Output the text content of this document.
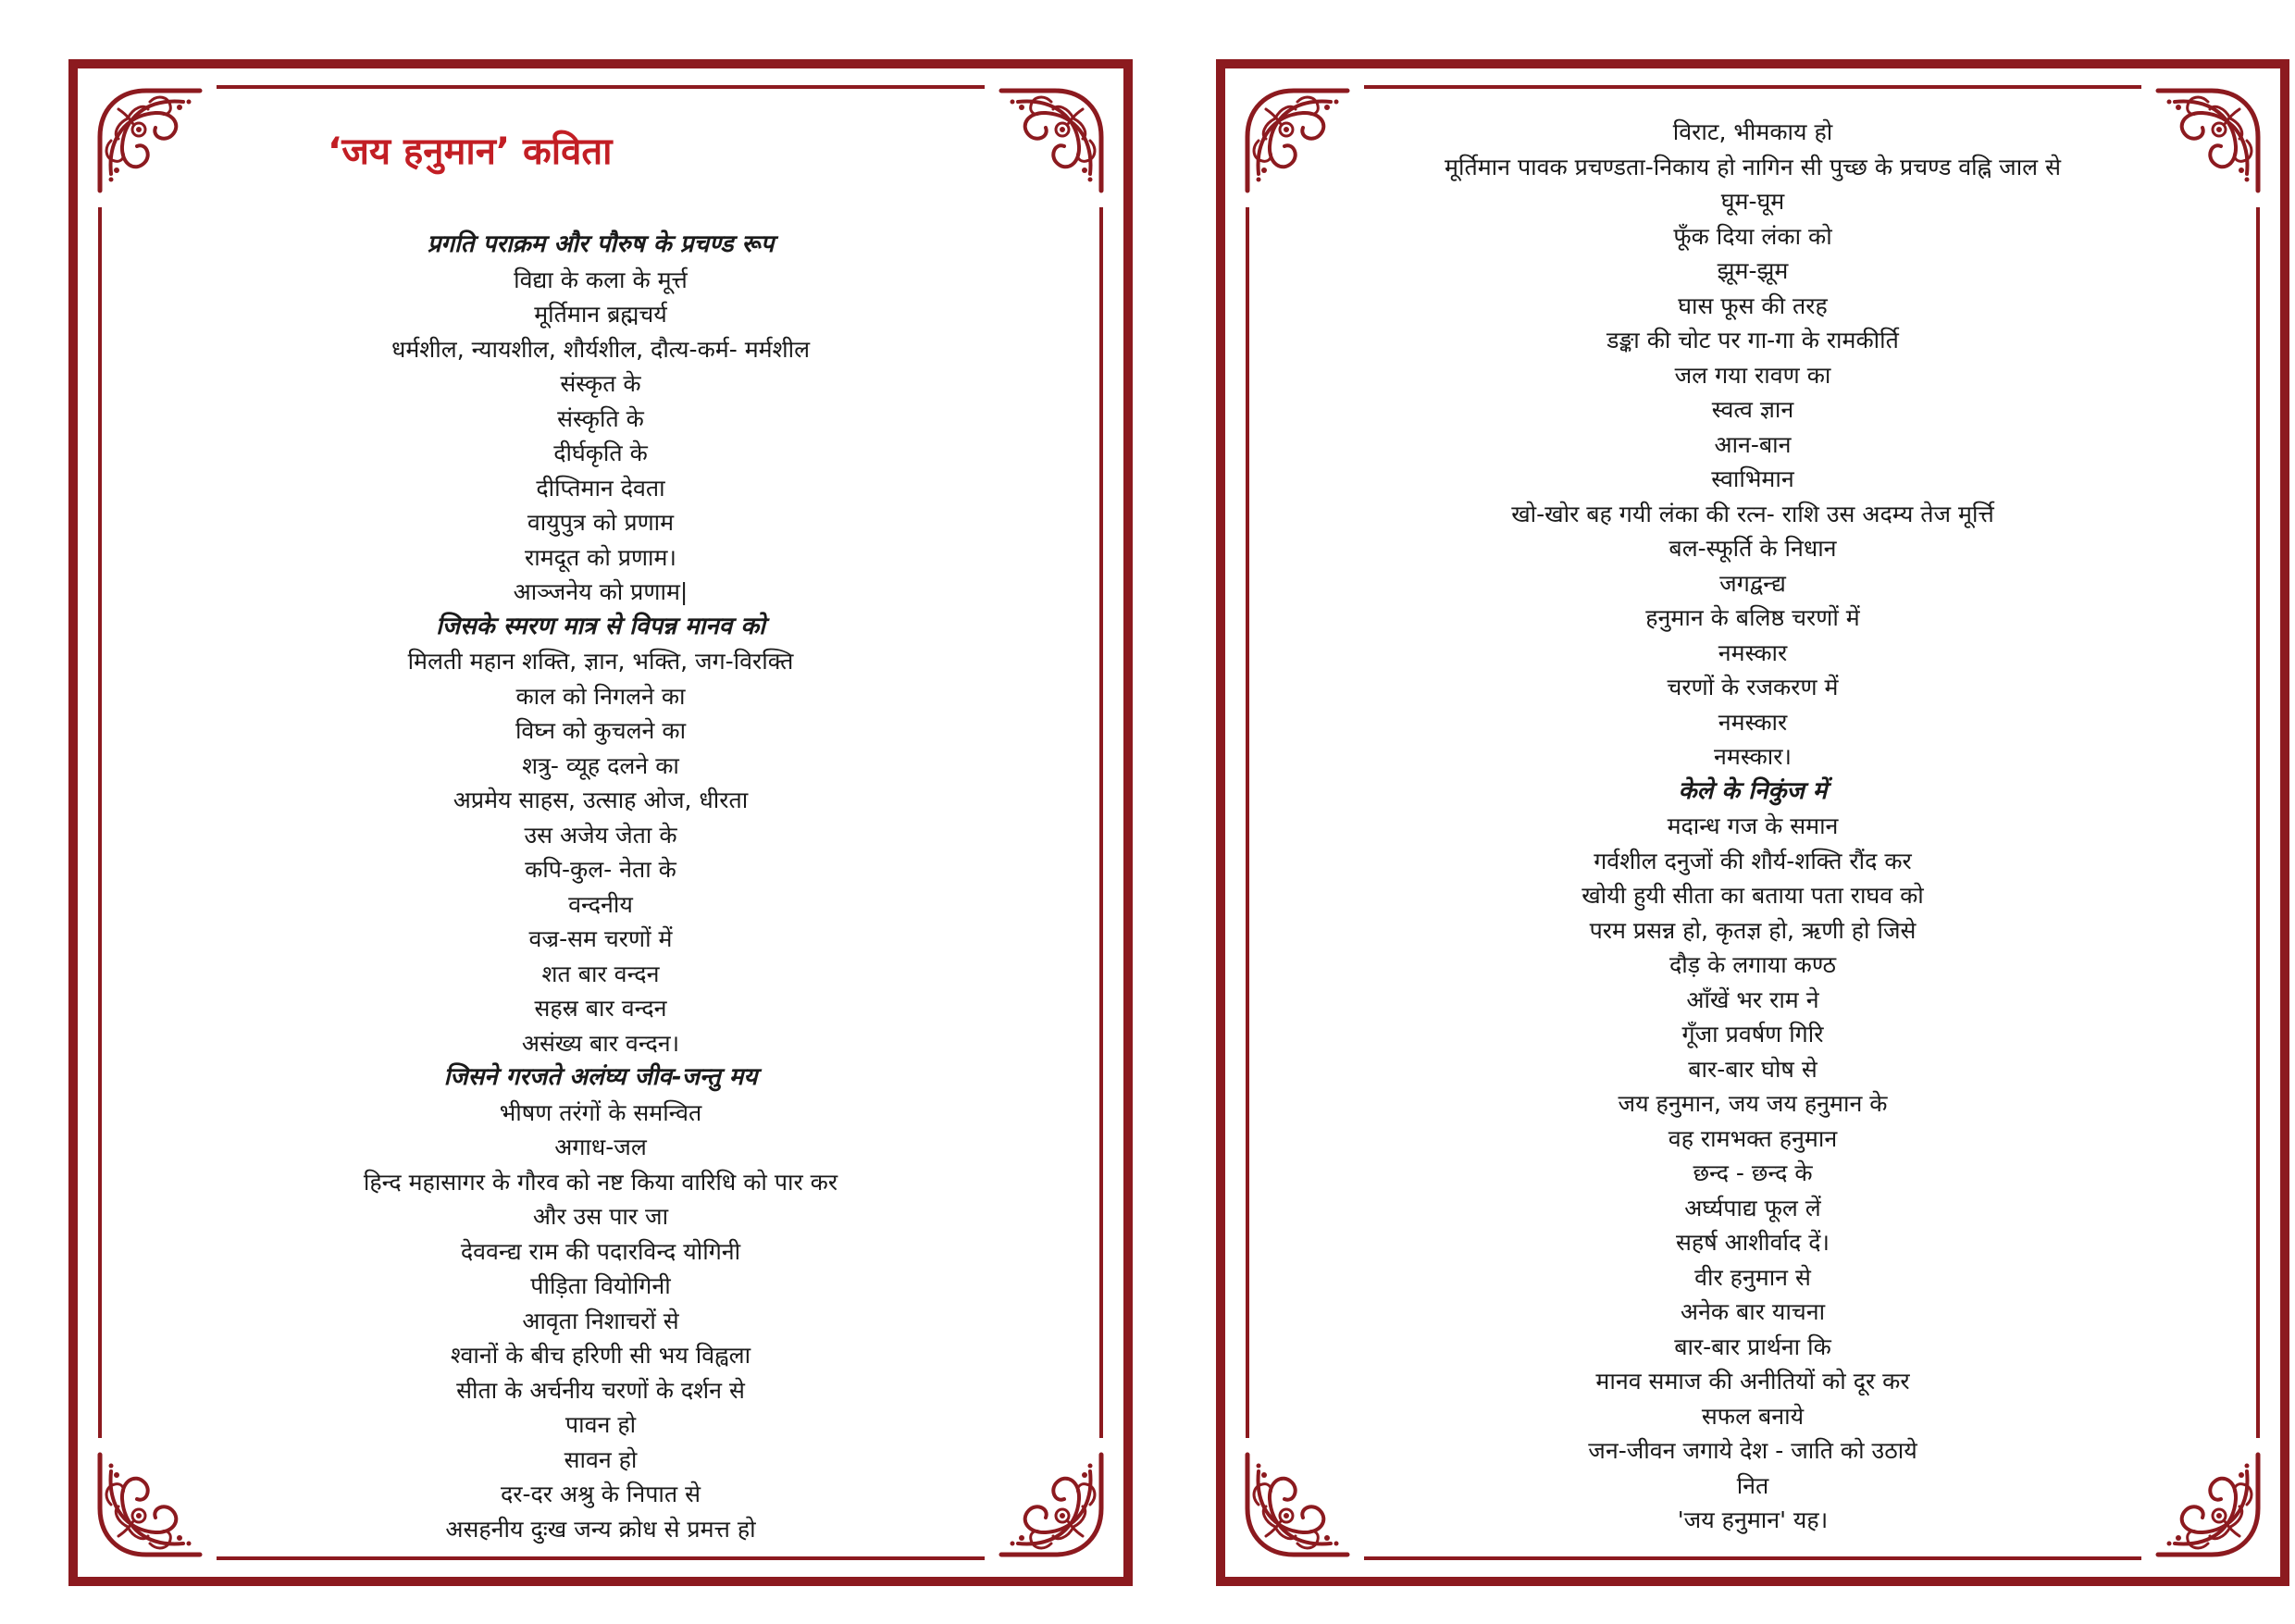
‘जय हनुमान’ कविता
प्रगति पराक्रम और पौरुष के प्रचण्ड रूप
विद्या के कला के मूर्त्त
मूर्तिमान ब्रह्मचर्य
धर्मशील, न्यायशील, शौर्यशील, दौत्य-कर्म- मर्मशील
संस्कृत के
संस्कृति के
दीर्घकृति के
दीप्तिमान देवता
वायुपुत्र को प्रणाम
रामदूत को प्रणाम।
आञ्जनेय को प्रणाम|
जिसके स्मरण मात्र से विपन्न मानव को
मिलती महान शक्ति, ज्ञान, भक्ति, जग-विरक्ति
काल को निगलने का
विघ्न को कुचलने का
शत्रु- व्यूह दलने का
अप्रमेय साहस, उत्साह ओज, धीरता
उस अजेय जेता के
कपि-कुल- नेता के
वन्दनीय
वज्र-सम चरणों में
शत बार वन्दन
सहस्र बार वन्दन
असंख्य बार वन्दन।
जिसने गरजते अलंघ्य जीव-जन्तु मय
भीषण तरंगों के समन्वित
अगाध-जल
हिन्द महासागर के गौरव को नष्ट किया वारिधि को पार कर
और उस पार जा
देववन्द्य राम की पदारविन्द योगिनी
पीड़िता वियोगिनी
आवृता निशाचरों से
श्वानों के बीच हरिणी सी भय विह्वला
सीता के अर्चनीय चरणों के दर्शन से
पावन हो
सावन हो
दर-दर अश्रु के निपात से
असहनीय दुःख जन्य क्रोध से प्रमत्त हो
विराट, भीमकाय हो
मूर्तिमान पावक प्रचण्डता-निकाय हो नागिन सी पुच्छ के प्रचण्ड वह्नि जाल से
घूम-घूम
फूँक दिया लंका को
झूम-झूम
घास फूस की तरह
डङ्का की चोट पर गा-गा के रामकीर्ति
जल गया रावण का
स्वत्व ज्ञान
आन-बान
स्वाभिमान
खो-खोर बह गयी लंका की रत्न- राशि उस अदम्य तेज मूर्त्ति
बल-स्फूर्ति के निधान
जगद्वन्द्य
हनुमान के बलिष्ठ चरणों में
नमस्कार
चरणों के रजकरण में
नमस्कार
नमस्कार।
केले के निकुंज में
मदान्ध गज के समान
गर्वशील दनुजों की शौर्य-शक्ति रौंद कर
खोयी हुयी सीता का बताया पता राघव को
परम प्रसन्न हो, कृतज्ञ हो, ऋणी हो जिसे
दौड़ के लगाया कण्ठ
आँखें भर राम ने
गूँजा प्रवर्षण गिरि
बार-बार घोष से
जय हनुमान, जय जय हनुमान के
वह रामभक्त हनुमान
छन्द - छन्द के
अर्घ्यपाद्य फूल लें
सहर्ष आशीर्वाद दें।
वीर हनुमान से
अनेक बार याचना
बार-बार प्रार्थना कि
मानव समाज की अनीतियों को दूर कर
सफल बनाये
जन-जीवन जगाये देश - जाति को उठाये
नित
'जय हनुमान' यह।
